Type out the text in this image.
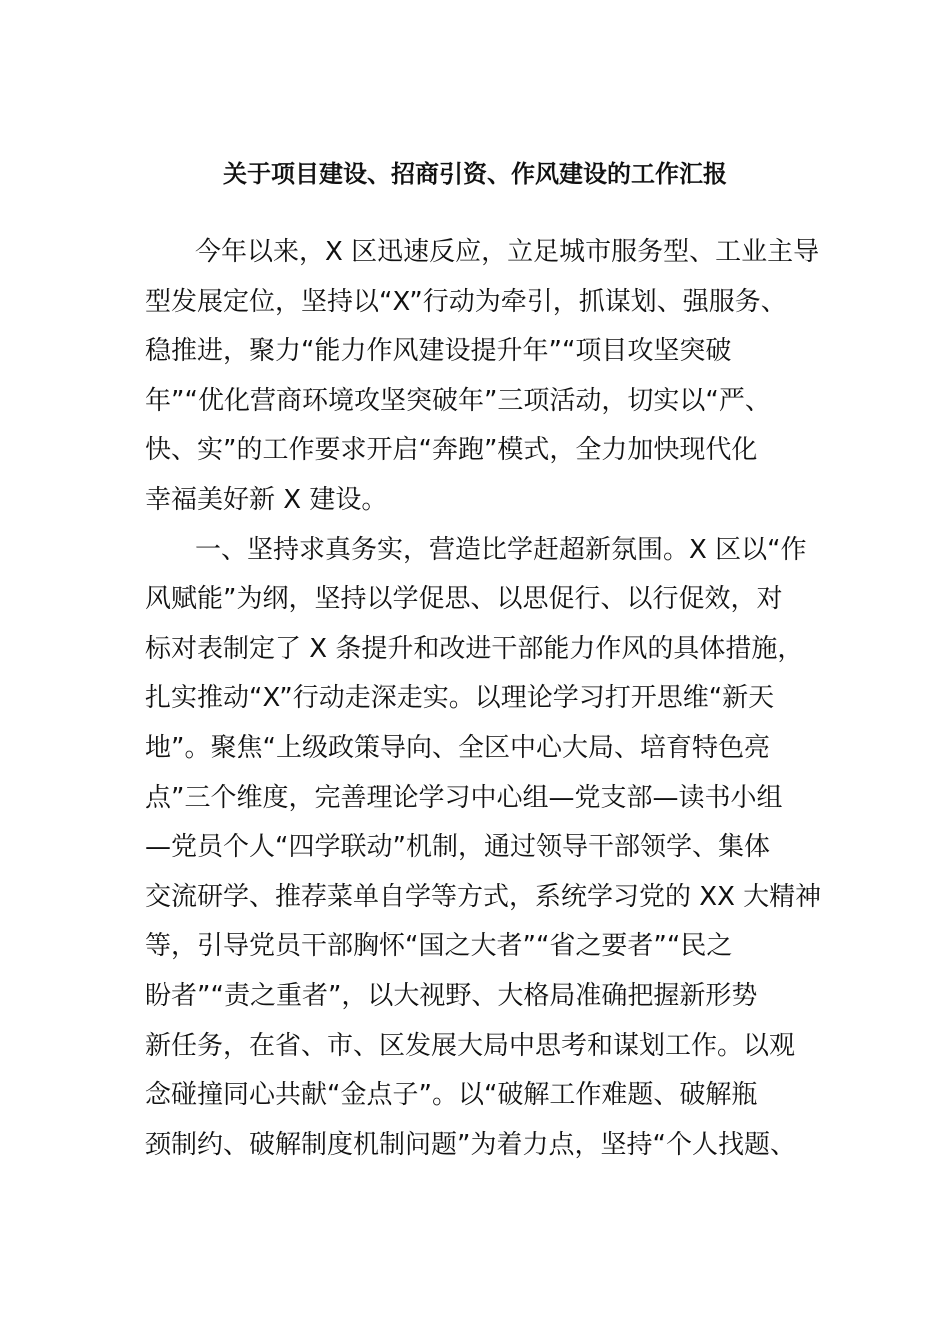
关于项目建设、招商引资、作风建设的工作汇报
今年以来，X 区迅速反应，立足城市服务型、工业主导
型发展定位，坚持以“X”行动为牵引，抓谋划、强服务、
稳推进，聚力“能力作风建设提升年”“项目攻坚突破
年”“优化营商环境攻坚突破年”三项活动，切实以“严、
快、实”的工作要求开启“奔跑”模式，全力加快现代化
幸福美好新 X 建设。
一、坚持求真务实，营造比学赶超新氛围。X 区以“作
风赋能”为纲，坚持以学促思、以思促行、以行促效，对
标对表制定了 X 条提升和改进干部能力作风的具体措施，
扎实推动“X”行动走深走实。以理论学习打开思维“新天
地”。聚焦“上级政策导向、全区中心大局、培育特色亮
点”三个维度，完善理论学习中心组—党支部—读书小组
—党员个人“四学联动”机制，通过领导干部领学、集体
交流研学、推荐菜单自学等方式，系统学习党的 XX 大精神
等，引导党员干部胸怀“国之大者”“省之要者”“民之
盼者”“责之重者”，以大视野、大格局准确把握新形势
新任务，在省、市、区发展大局中思考和谋划工作。以观
念碰撞同心共献“金点子”。以“破解工作难题、破解瓶
颈制约、破解制度机制问题”为着力点，坚持“个人找题、
